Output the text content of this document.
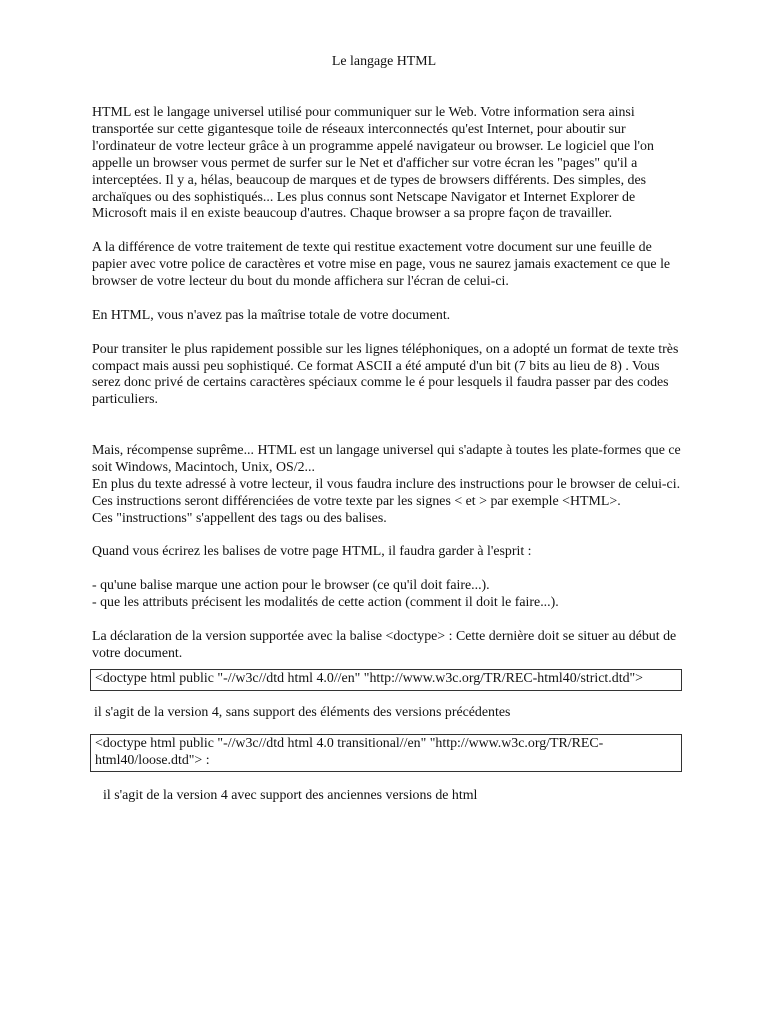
Le langage HTML

HTML est le langage universel utilisé pour communiquer sur le Web. Votre information sera ainsi transportée sur cette gigantesque toile de réseaux interconnectés qu'est Internet, pour aboutir sur l'ordinateur de votre lecteur grâce à un programme appelé navigateur ou browser. Le logiciel que l'on appelle un browser vous permet de surfer sur le Net et d'afficher sur votre écran les "pages" qu'il a interceptées. Il y a, hélas, beaucoup de marques et de types de browsers différents. Des simples, des archaïques ou des sophistiqués... Les plus connus sont Netscape Navigator et Internet Explorer de Microsoft mais il en existe beaucoup d'autres. Chaque browser a sa propre façon de travailler.

A la différence de votre traitement de texte qui restitue exactement votre document sur une feuille de papier avec votre police de caractères et votre mise en page, vous ne saurez jamais exactement ce que le browser de votre lecteur du bout du monde affichera sur l'écran de celui-ci.

En HTML, vous n'avez pas la maîtrise totale de votre document.

Pour transiter le plus rapidement possible sur les lignes téléphoniques, on a adopté un format de texte très compact mais aussi peu sophistiqué. Ce format ASCII a été amputé d'un bit (7 bits au lieu de 8) . Vous serez donc privé de certains caractères spéciaux comme le é pour lesquels il faudra passer par des codes particuliers.

Mais, récompense suprême... HTML est un langage universel qui s'adapte à toutes les plate-formes que ce soit Windows, Macintoch, Unix, OS/2...

En plus du texte adressé à votre lecteur, il vous faudra inclure des instructions pour le browser de celui-ci. Ces instructions seront différenciées de votre texte par les signes < et > par exemple <HTML>.

Ces "instructions" s'appellent des tags ou des balises.

Quand vous écrirez les balises de votre page HTML, il faudra garder à l'esprit :

- qu'une balise marque une action pour le browser (ce qu'il doit faire...).

- que les attributs précisent les modalités de cette action (comment il doit le faire...).

La déclaration de la version supportée avec la balise <doctype> : Cette dernière doit se situer au début de votre document.

<doctype html public "-//w3c//dtd html 4.0//en" "http://www.w3c.org/TR/REC-html40/strict.dtd">
il s'agit de la version 4, sans support des éléments des versions précédentes
<doctype html public "-//w3c//dtd html 4.0 transitional//en" "http://www.w3c.org/TR/REC-html40/loose.dtd"> :
il s'agit de la version 4 avec support des anciennes versions de html
